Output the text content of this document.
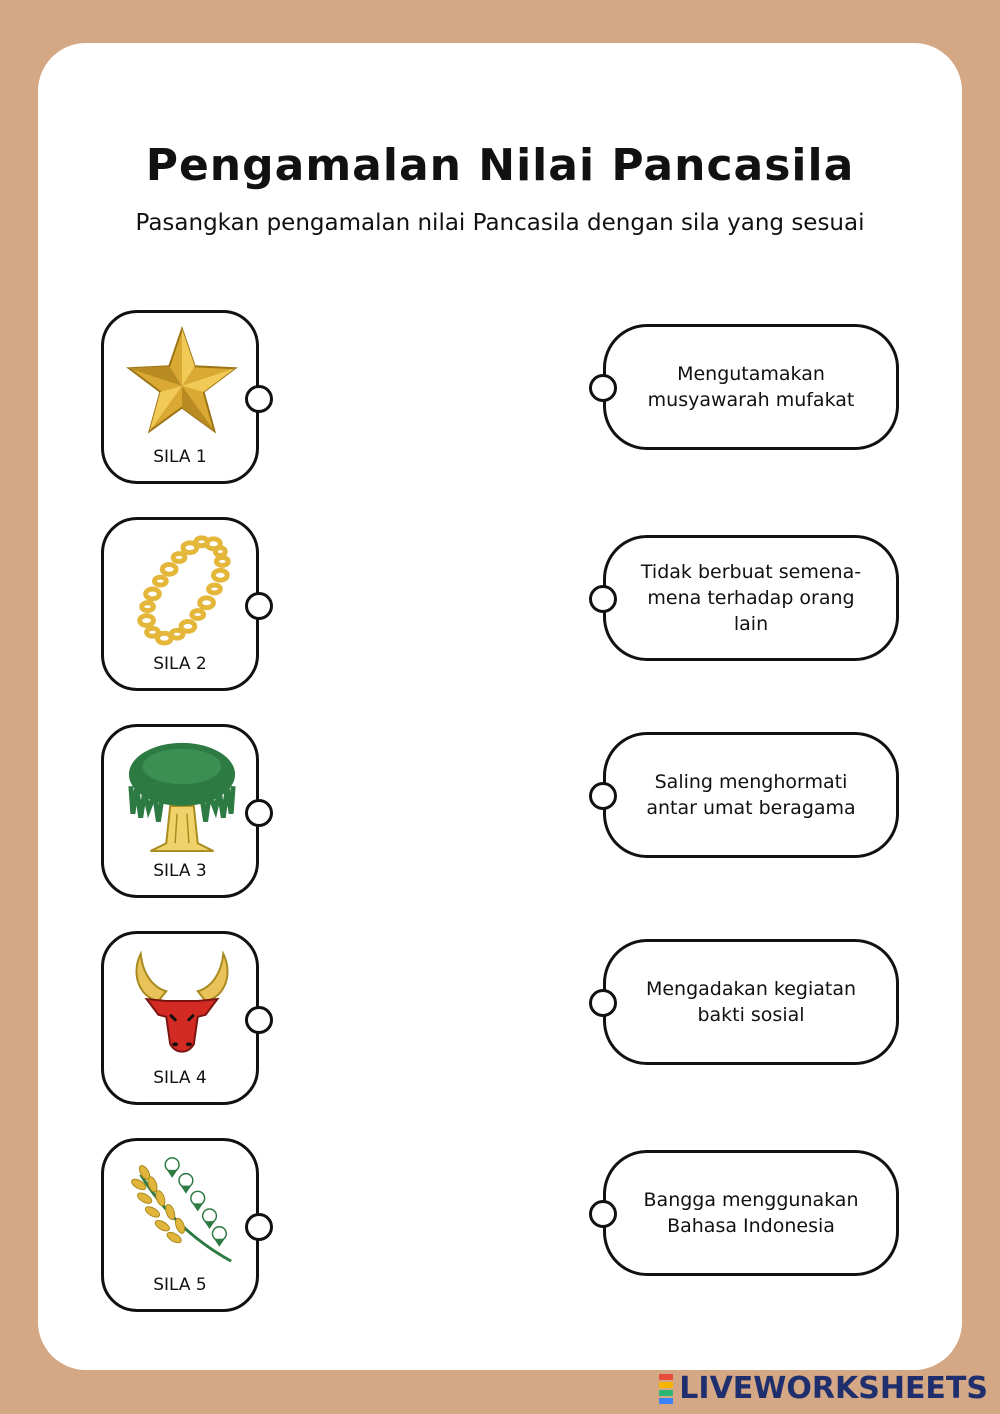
Pengamalan Nilai Pancasila
Pasangkan pengamalan nilai Pancasila dengan sila yang sesuai
SILA 1
SILA 2
SILA 3
SILA 4
SILA 5
Mengutamakan musyawarah mufakat
Tidak berbuat semena-mena terhadap orang lain
Saling menghormati antar umat beragama
Mengadakan kegiatan bakti sosial
Bangga menggunakan Bahasa Indonesia
LIVEWORKSHEETS
